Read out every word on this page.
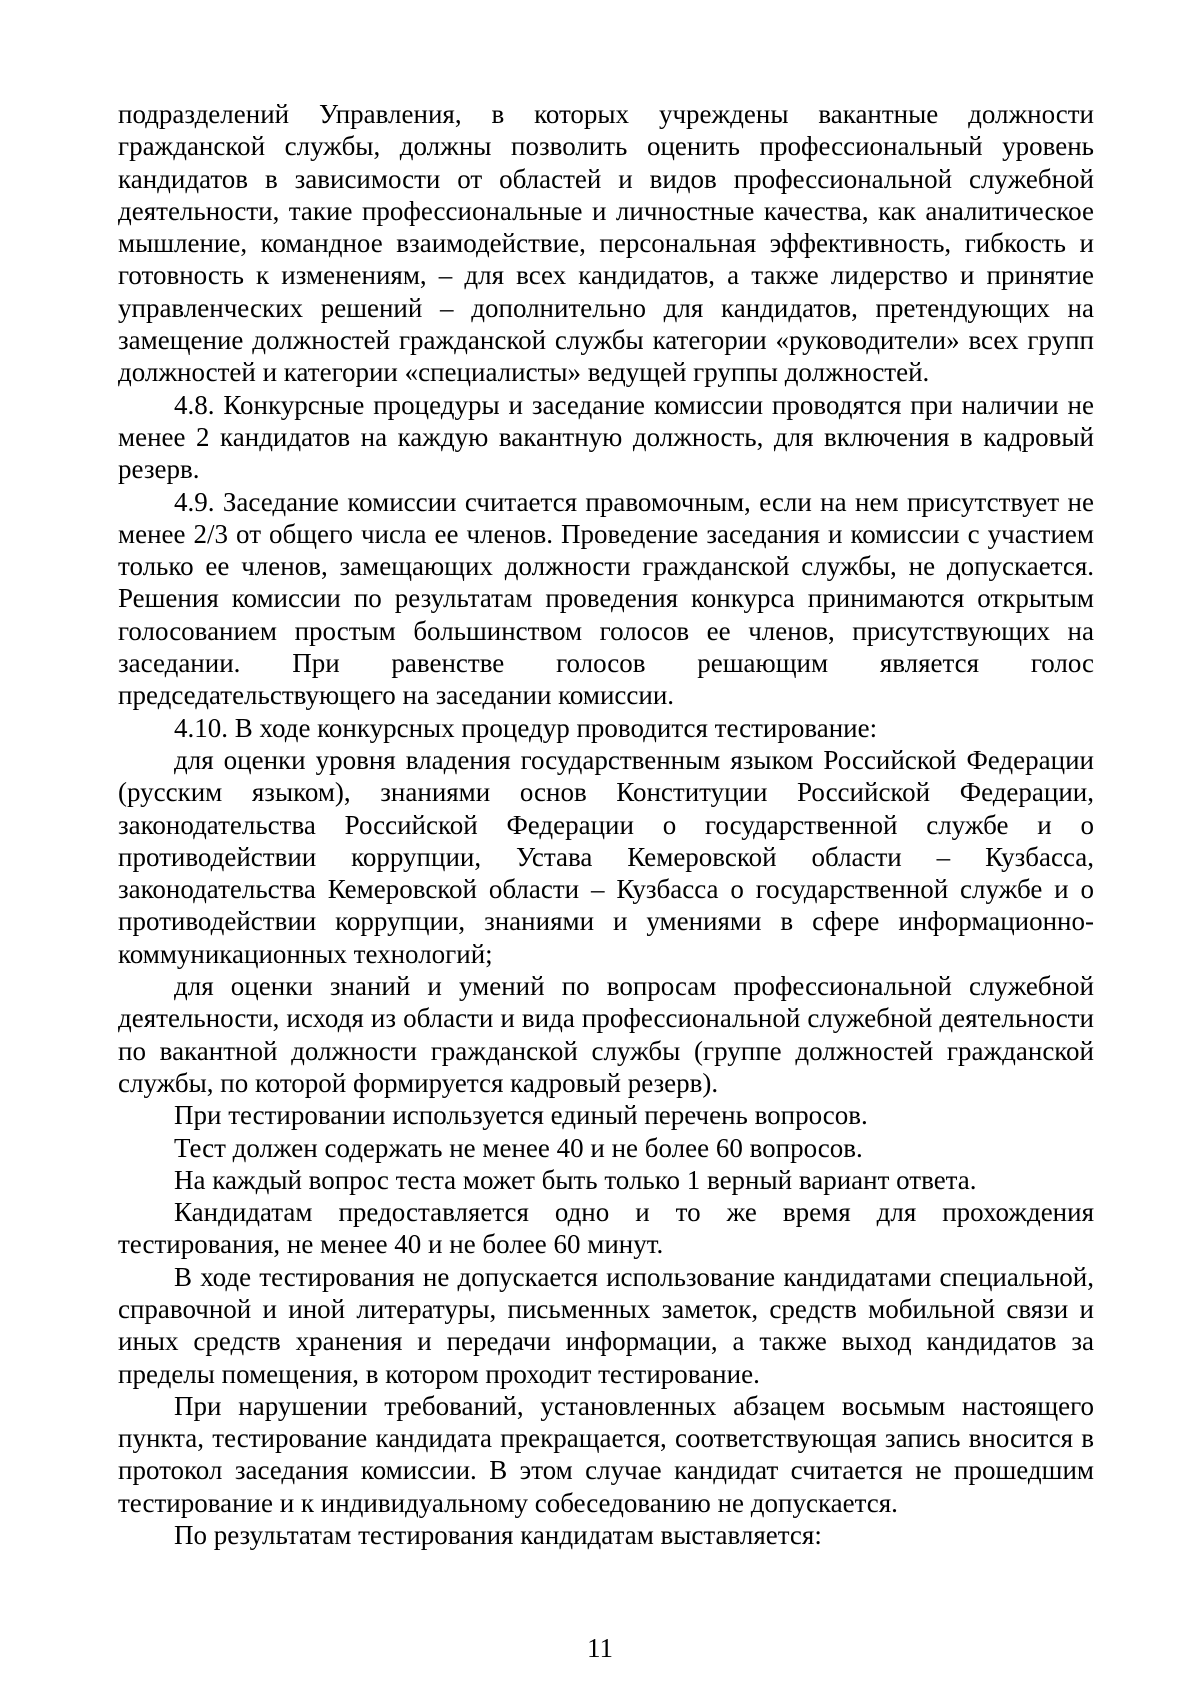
подразделений Управления, в которых учреждены вакантные должности гражданской службы, должны позволить оценить профессиональный уровень кандидатов в зависимости от областей и видов профессиональной служебной деятельности, такие профессиональные и личностные качества, как аналитическое мышление, командное взаимодействие, персональная эффективность, гибкость и готовность к изменениям, – для всех кандидатов, а также лидерство и принятие управленческих решений – дополнительно для кандидатов, претендующих на замещение должностей гражданской службы категории «руководители» всех групп должностей и категории «специалисты» ведущей группы должностей.

4.8. Конкурсные процедуры и заседание комиссии проводятся при наличии не менее 2 кандидатов на каждую вакантную должность, для включения в кадровый резерв.

4.9. Заседание комиссии считается правомочным, если на нем присутствует не менее 2/3 от общего числа ее членов. Проведение заседания и комиссии с участием только ее членов, замещающих должности гражданской службы, не допускается. Решения комиссии по результатам проведения конкурса принимаются открытым голосованием простым большинством голосов ее членов, присутствующих на заседании. При равенстве голосов решающим является голос председательствующего на заседании комиссии.

4.10. В ходе конкурсных процедур проводится тестирование:

для оценки уровня владения государственным языком Российской Федерации (русским языком), знаниями основ Конституции Российской Федерации, законодательства Российской Федерации о государственной службе и о противодействии коррупции, Устава Кемеровской области – Кузбасса, законодательства Кемеровской области – Кузбасса о государственной службе и о противодействии коррупции, знаниями и умениями в сфере информационно-коммуникационных технологий;

для оценки знаний и умений по вопросам профессиональной служебной деятельности, исходя из области и вида профессиональной служебной деятельности по вакантной должности гражданской службы (группе должностей гражданской службы, по которой формируется кадровый резерв).

При тестировании используется единый перечень вопросов.

Тест должен содержать не менее 40 и не более 60 вопросов.

На каждый вопрос теста может быть только 1 верный вариант ответа.

Кандидатам предоставляется одно и то же время для прохождения тестирования, не менее 40 и не более 60 минут.

В ходе тестирования не допускается использование кандидатами специальной, справочной и иной литературы, письменных заметок, средств мобильной связи и иных средств хранения и передачи информации, а также выход кандидатов за пределы помещения, в котором проходит тестирование.

При нарушении требований, установленных абзацем восьмым настоящего пункта, тестирование кандидата прекращается, соответствующая запись вносится в протокол заседания комиссии. В этом случае кандидат считается не прошедшим тестирование и к индивидуальному собеседованию не допускается.

По результатам тестирования кандидатам выставляется:

11
